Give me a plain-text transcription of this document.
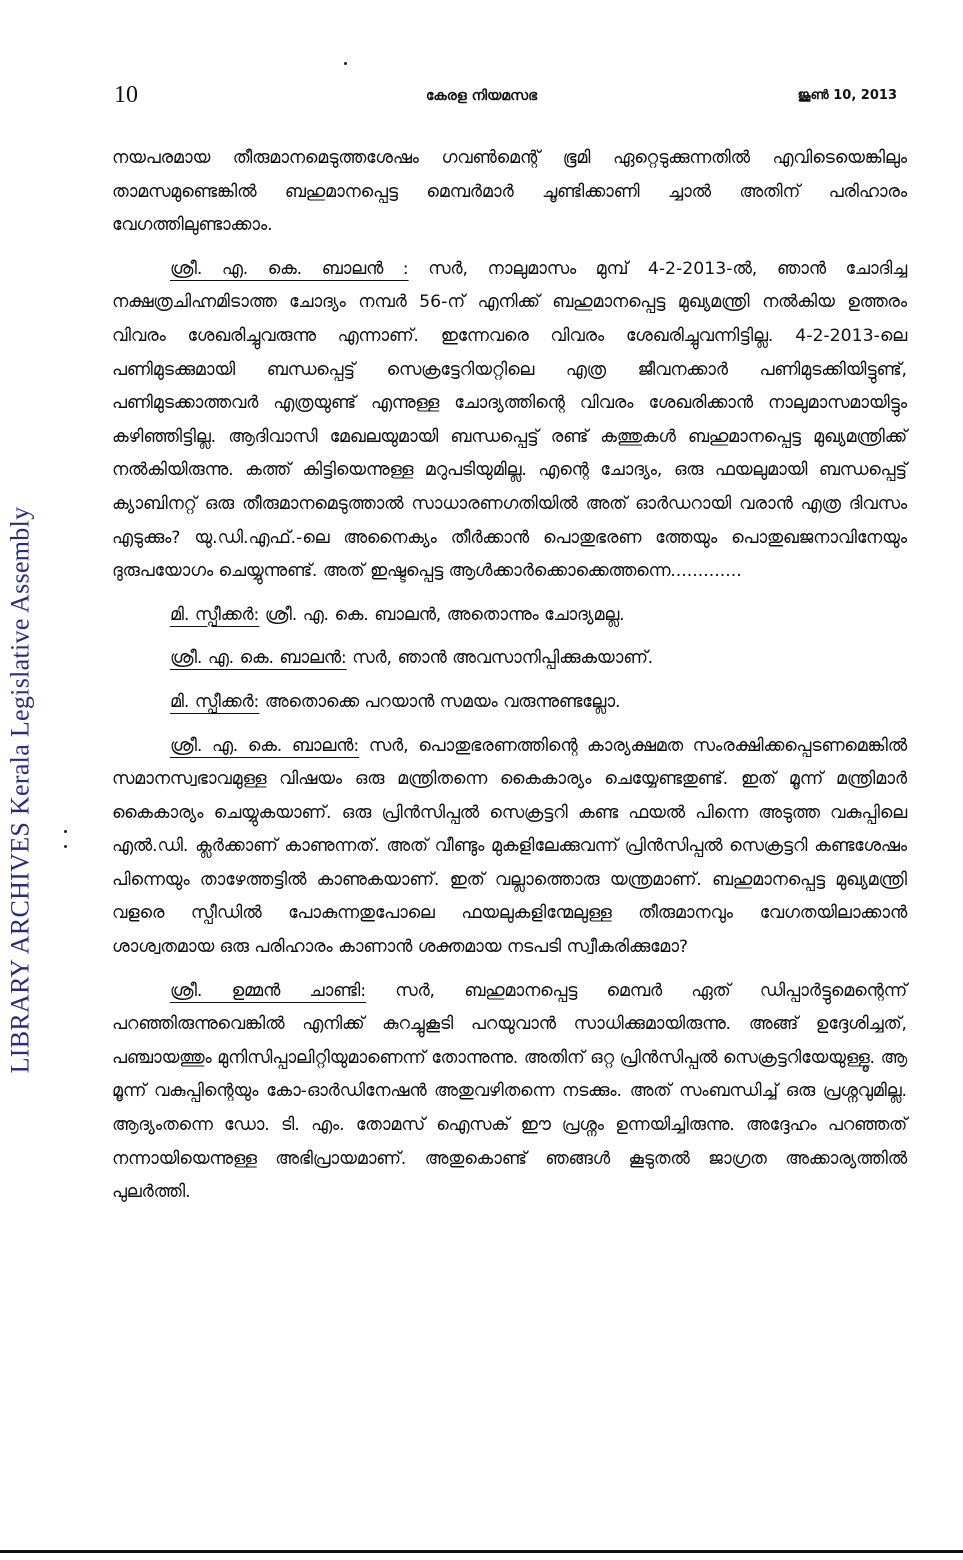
LIBRARY ARCHIVES Kerala Legislative Assembly
10	കേരള നിയമസഭ	ജൂൺ 10, 2013

നയപരമായ തീരുമാനമെടുത്തശേഷം ഗവൺമെന്റ് ഭൂമി ഏറ്റെടുക്കുന്നതിൽ എവിടെയെങ്കിലും താമസമുണ്ടെങ്കിൽ ബഹുമാനപ്പെട്ട മെമ്പർമാർ ചൂണ്ടിക്കാണി ച്ചാൽ അതിന് പരിഹാരം വേഗത്തിലുണ്ടാക്കാം.

ശ്രീ. എ. കെ. ബാലൻ : സർ, നാലുമാസം മുമ്പ് 4-2-2013-ൽ, ഞാൻ ചോദിച്ച നക്ഷത്രചിഹ്നമിടാത്ത ചോദ്യം നമ്പർ 56-ന് എനിക്ക് ബഹുമാനപ്പെട്ട മുഖ്യമന്ത്രി നൽകിയ ഉത്തരം വിവരം ശേഖരിച്ചുവരുന്നു എന്നാണ്. ഇന്നേവരെ വിവരം ശേഖരിച്ചുവന്നിട്ടില്ല. 4-2-2013-ലെ പണിമുടക്കുമായി ബന്ധപ്പെട്ട് സെക്രട്ടേറിയറ്റിലെ എത്ര ജീവനക്കാർ പണിമുടക്കിയിട്ടുണ്ട്, പണിമുടക്കാത്തവർ എത്രയുണ്ട് എന്നുള്ള ചോദ്യത്തിന്റെ വിവരം ശേഖരിക്കാൻ നാലുമാസമായിട്ടും കഴിഞ്ഞിട്ടില്ല. ആദിവാസി മേഖലയുമായി ബന്ധപ്പെട്ട് രണ്ട് കത്തുകൾ ബഹുമാനപ്പെട്ട മുഖ്യമന്ത്രിക്ക് നൽകിയിരുന്നു. കത്ത് കിട്ടിയെന്നുള്ള മറുപടിയുമില്ല. എന്റെ ചോദ്യം, ഒരു ഫയലുമായി ബന്ധപ്പെട്ട് ക്യാബിനറ്റ് ഒരു തീരുമാനമെടുത്താൽ സാധാരണഗതിയിൽ അത് ഓർഡറായി വരാൻ എത്ര ദിവസം എടുക്കും? യു.ഡി.എഫ്.-ലെ അനൈക്യം തീർക്കാൻ പൊതുഭരണ ത്തേയും പൊതുഖജനാവിനേയും ദുരുപയോഗം ചെയ്യുന്നുണ്ട്. അത് ഇഷ്ടപ്പെട്ട ആൾക്കാർക്കൊക്കെത്തന്നെ.............

മി. സ്പീക്കർ: ശ്രീ. എ. കെ. ബാലൻ, അതൊന്നും ചോദ്യമല്ല.

ശ്രീ. എ. കെ. ബാലൻ: സർ, ഞാൻ അവസാനിപ്പിക്കുകയാണ്.

മി. സ്പീക്കർ: അതൊക്കെ പറയാൻ സമയം വരുന്നുണ്ടല്ലോ.

ശ്രീ. എ. കെ. ബാലൻ: സർ, പൊതുഭരണത്തിന്റെ കാര്യക്ഷമത സംരക്ഷിക്കപ്പെടണമെങ്കിൽ സമാനസ്വഭാവമുള്ള വിഷയം ഒരു മന്ത്രിതന്നെ കൈകാര്യം ചെയ്യേണ്ടതുണ്ട്. ഇത് മൂന്ന് മന്ത്രിമാർ കൈകാര്യം ചെയ്യുകയാണ്. ഒരു പ്രിൻസിപ്പൽ സെക്രട്ടറി കണ്ട ഫയൽ പിന്നെ അടുത്ത വകുപ്പിലെ എൽ.ഡി. ക്ലർക്കാണ് കാണുന്നത്. അത് വീണ്ടും മുകളിലേക്കുവന്ന് പ്രിൻസിപ്പൽ സെക്രട്ടറി കണ്ടശേഷം പിന്നെയും താഴേത്തട്ടിൽ കാണുകയാണ്. ഇത് വല്ലാത്തൊരു യന്ത്രമാണ്. ബഹുമാനപ്പെട്ട മുഖ്യമന്ത്രി വളരെ സ്പീഡിൽ പോകുന്നതുപോലെ ഫയലുകളിന്മേലുള്ള തീരുമാനവും വേഗതയിലാക്കാൻ ശാശ്വതമായ ഒരു പരിഹാരം കാണാൻ ശക്തമായ നടപടി സ്വീകരിക്കുമോ?

ശ്രീ. ഉമ്മൻ ചാണ്ടി: സർ, ബഹുമാനപ്പെട്ട മെമ്പർ ഏത് ഡിപ്പാർട്ടുമെന്റെന്ന് പറഞ്ഞിരുന്നുവെങ്കിൽ എനിക്ക് കുറച്ചുകൂടി പറയുവാൻ സാധിക്കുമായിരുന്നു. അങ്ങ് ഉദ്ദേശിച്ചത്, പഞ്ചായത്തും മുനിസിപ്പാലിറ്റിയുമാണെന്ന് തോന്നുന്നു. അതിന് ഒറ്റ പ്രിൻസിപ്പൽ സെക്രട്ടറിയേയുള്ളൂ. ആ മൂന്ന് വകുപ്പിന്റെയും കോ-ഓർഡിനേഷൻ അതുവഴിതന്നെ നടക്കും. അത് സംബന്ധിച്ച് ഒരു പ്രശ്നവുമില്ല. ആദ്യംതന്നെ ഡോ. ടി. എം. തോമസ് ഐസക് ഈ പ്രശ്നം ഉന്നയിച്ചിരുന്നു. അദ്ദേഹം പറഞ്ഞത് നന്നായിയെന്നുള്ള അഭിപ്രായമാണ്. അതുകൊണ്ട് ഞങ്ങൾ കൂടുതൽ ജാഗ്രത അക്കാര്യത്തിൽ പുലർത്തി.
